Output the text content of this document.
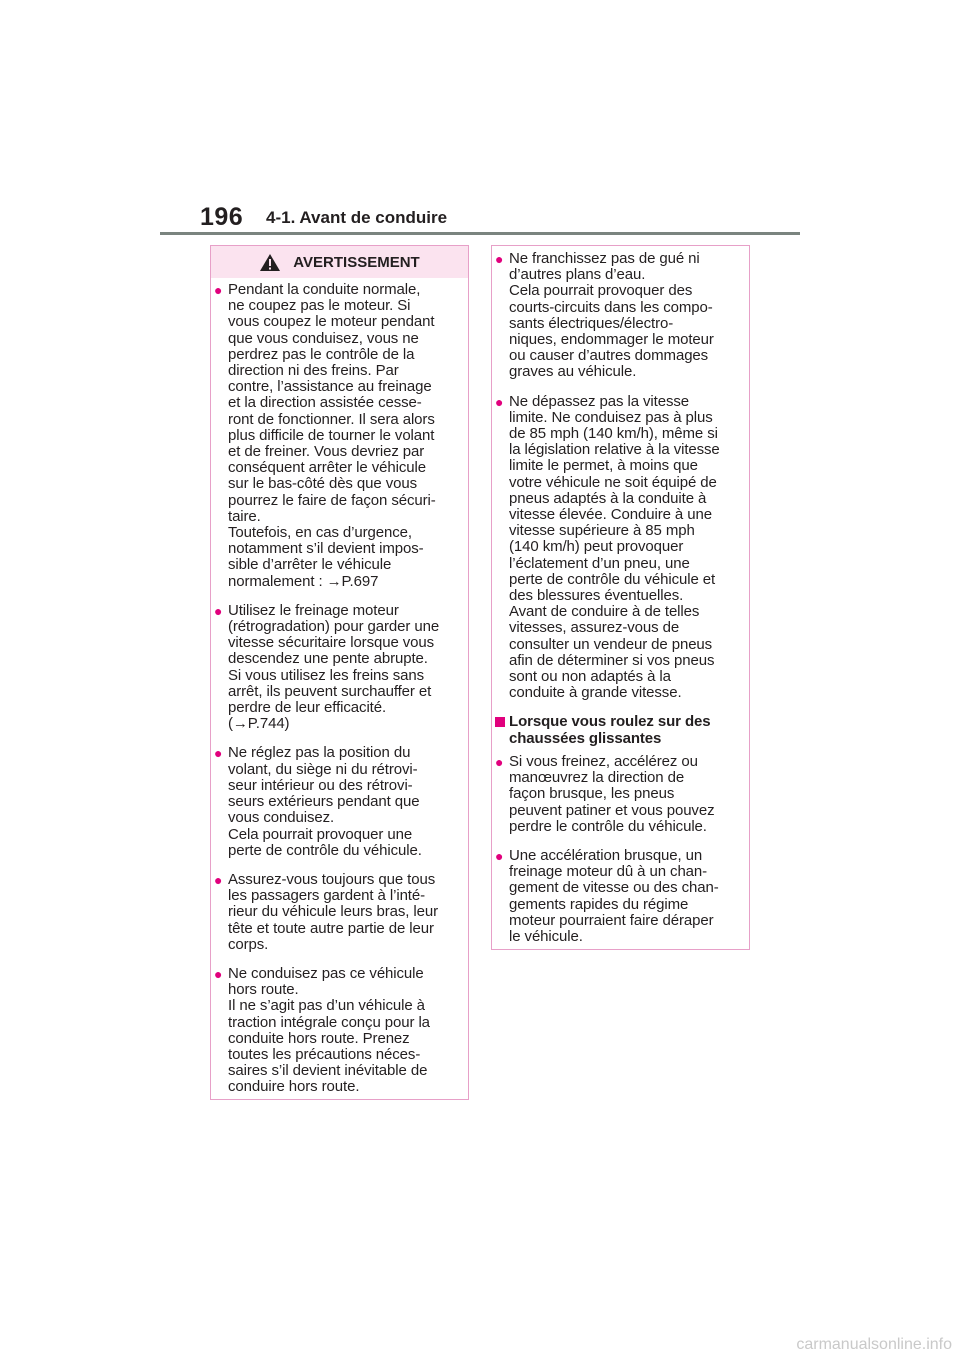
196 4-1. Avant de conduire
AVERTISSEMENT
● Pendant la conduite normale,
ne coupez pas le moteur. Si
vous coupez le moteur pendant
que vous conduisez, vous ne
perdrez pas le contrôle de la
direction ni des freins. Par
contre, l’assistance au freinage
et la direction assistée cesse-
ront de fonctionner. Il sera alors
plus difficile de tourner le volant
et de freiner. Vous devriez par
conséquent arrêter le véhicule
sur le bas-côté dès que vous
pourrez le faire de façon sécuri-
taire.
Toutefois, en cas d’urgence,
notamment s’il devient impos-
sible d’arrêter le véhicule
normalement : →P.697
● Utilisez le freinage moteur
(rétrogradation) pour garder une
vitesse sécuritaire lorsque vous
descendez une pente abrupte.
Si vous utilisez les freins sans
arrêt, ils peuvent surchauffer et
perdre de leur efficacité.
(→P.744)
● Ne réglez pas la position du
volant, du siège ni du rétrovi-
seur intérieur ou des rétrovi-
seurs extérieurs pendant que
vous conduisez.
Cela pourrait provoquer une
perte de contrôle du véhicule.
● Assurez-vous toujours que tous
les passagers gardent à l’inté-
rieur du véhicule leurs bras, leur
tête et toute autre partie de leur
corps.
● Ne conduisez pas ce véhicule
hors route.
Il ne s’agit pas d’un véhicule à
traction intégrale conçu pour la
conduite hors route. Prenez
toutes les précautions néces-
saires s’il devient inévitable de
conduire hors route.
● Ne franchissez pas de gué ni
d’autres plans d’eau.
Cela pourrait provoquer des
courts-circuits dans les compo-
sants électriques/électro-
niques, endommager le moteur
ou causer d’autres dommages
graves au véhicule.
● Ne dépassez pas la vitesse
limite. Ne conduisez pas à plus
de 85 mph (140 km/h), même si
la législation relative à la vitesse
limite le permet, à moins que
votre véhicule ne soit équipé de
pneus adaptés à la conduite à
vitesse élevée. Conduire à une
vitesse supérieure à 85 mph
(140 km/h) peut provoquer
l’éclatement d’un pneu, une
perte de contrôle du véhicule et
des blessures éventuelles.
Avant de conduire à de telles
vitesses, assurez-vous de
consulter un vendeur de pneus
afin de déterminer si vos pneus
sont ou non adaptés à la
conduite à grande vitesse.
Lorsque vous roulez sur des
chaussées glissantes
● Si vous freinez, accélérez ou
manœuvrez la direction de
façon brusque, les pneus
peuvent patiner et vous pouvez
perdre le contrôle du véhicule.
● Une accélération brusque, un
freinage moteur dû à un chan-
gement de vitesse ou des chan-
gements rapides du régime
moteur pourraient faire déraper
le véhicule.
carmanualsonline.info
